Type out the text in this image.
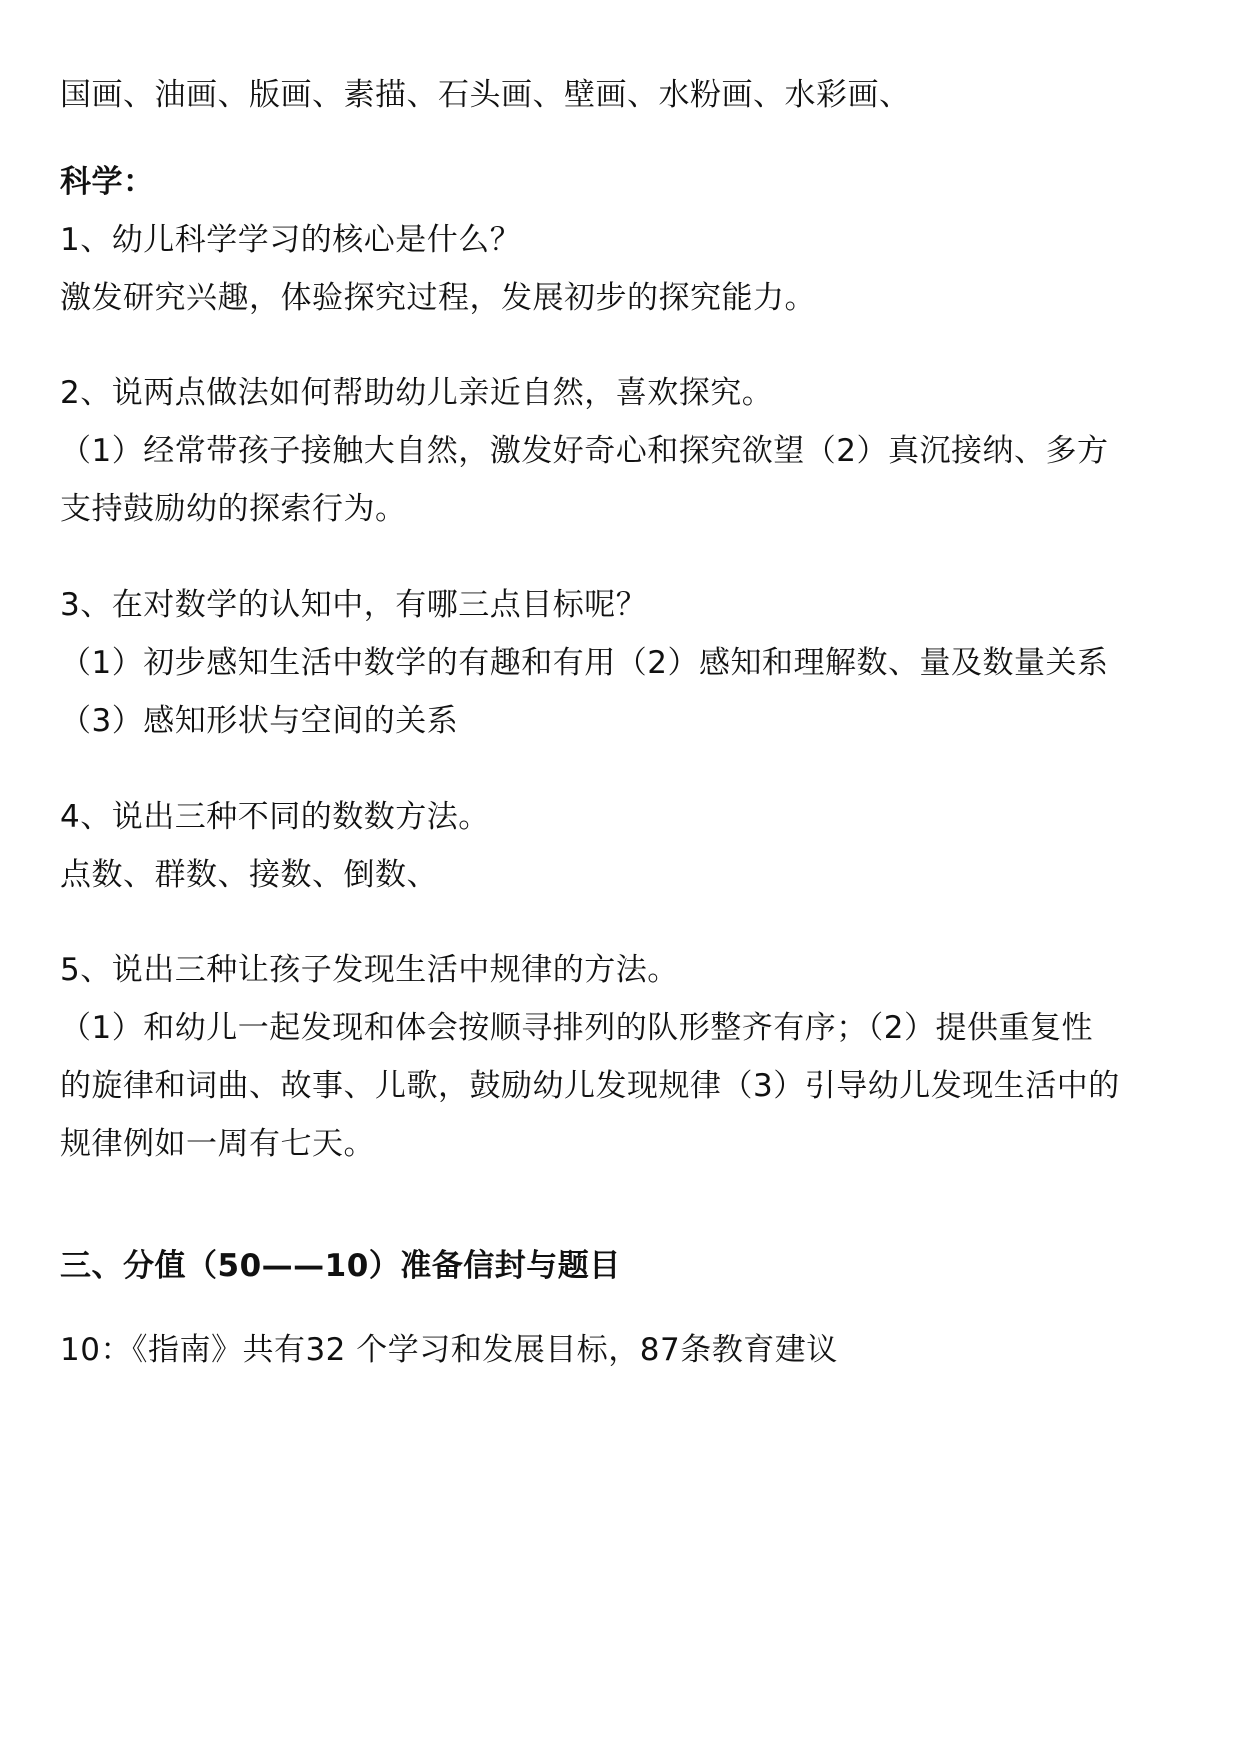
国画、油画、版画、素描、石头画、壁画、水粉画、水彩画、
科学：
1、幼儿科学学习的核心是什么？
激发研究兴趣，体验探究过程，发展初步的探究能力。
2、说两点做法如何帮助幼儿亲近自然，喜欢探究。
（1）经常带孩子接触大自然，激发好奇心和探究欲望（2）真沉接纳、多方
支持鼓励幼的探索行为。
3、在对数学的认知中，有哪三点目标呢？
（1）初步感知生活中数学的有趣和有用（2）感知和理解数、量及数量关系
（3）感知形状与空间的关系
4、说出三种不同的数数方法。
点数、群数、接数、倒数、
5、说出三种让孩子发现生活中规律的方法。
（1）和幼儿一起发现和体会按顺寻排列的队形整齐有序；（2）提供重复性
的旋律和词曲、故事、儿歌，鼓励幼儿发现规律（3）引导幼儿发现生活中的
规律例如一周有七天。
三、分值（50——10）准备信封与题目
10：《指南》共有32 个学习和发展目标，87条教育建议
